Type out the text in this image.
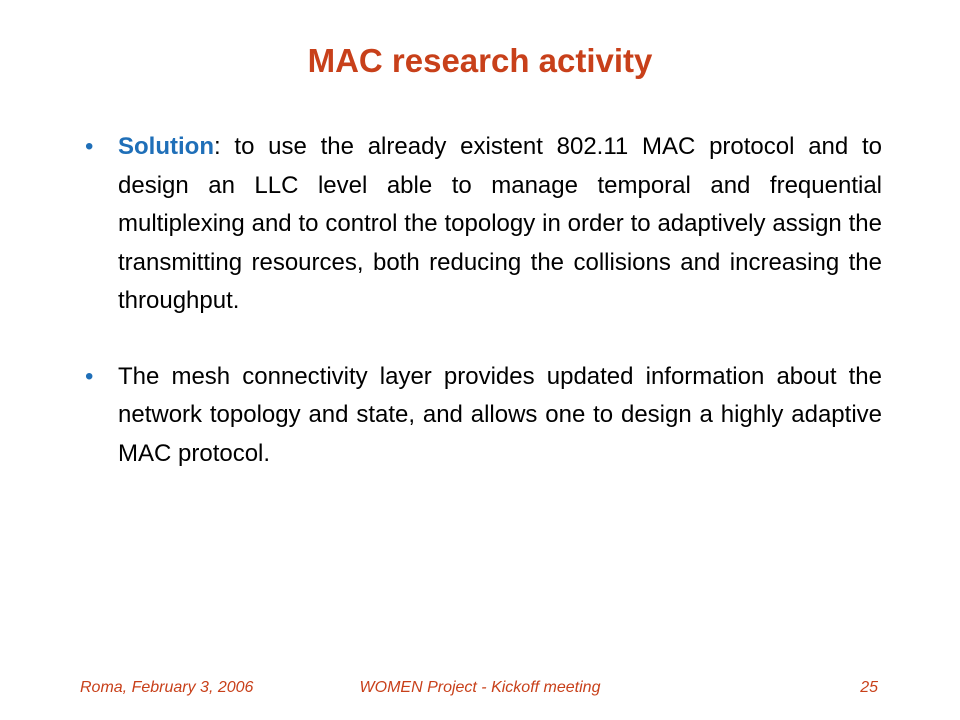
MAC research activity
• Solution: to use the already existent 802.11 MAC protocol and to design an LLC level able to manage temporal and frequential multiplexing and to control the topology in order to adaptively assign the transmitting resources, both reducing the collisions and increasing the throughput.
• The mesh connectivity layer provides updated information about the network topology and state, and allows one to design a highly adaptive MAC protocol.
Roma, February 3, 2006	WOMEN Project - Kickoff meeting	25
